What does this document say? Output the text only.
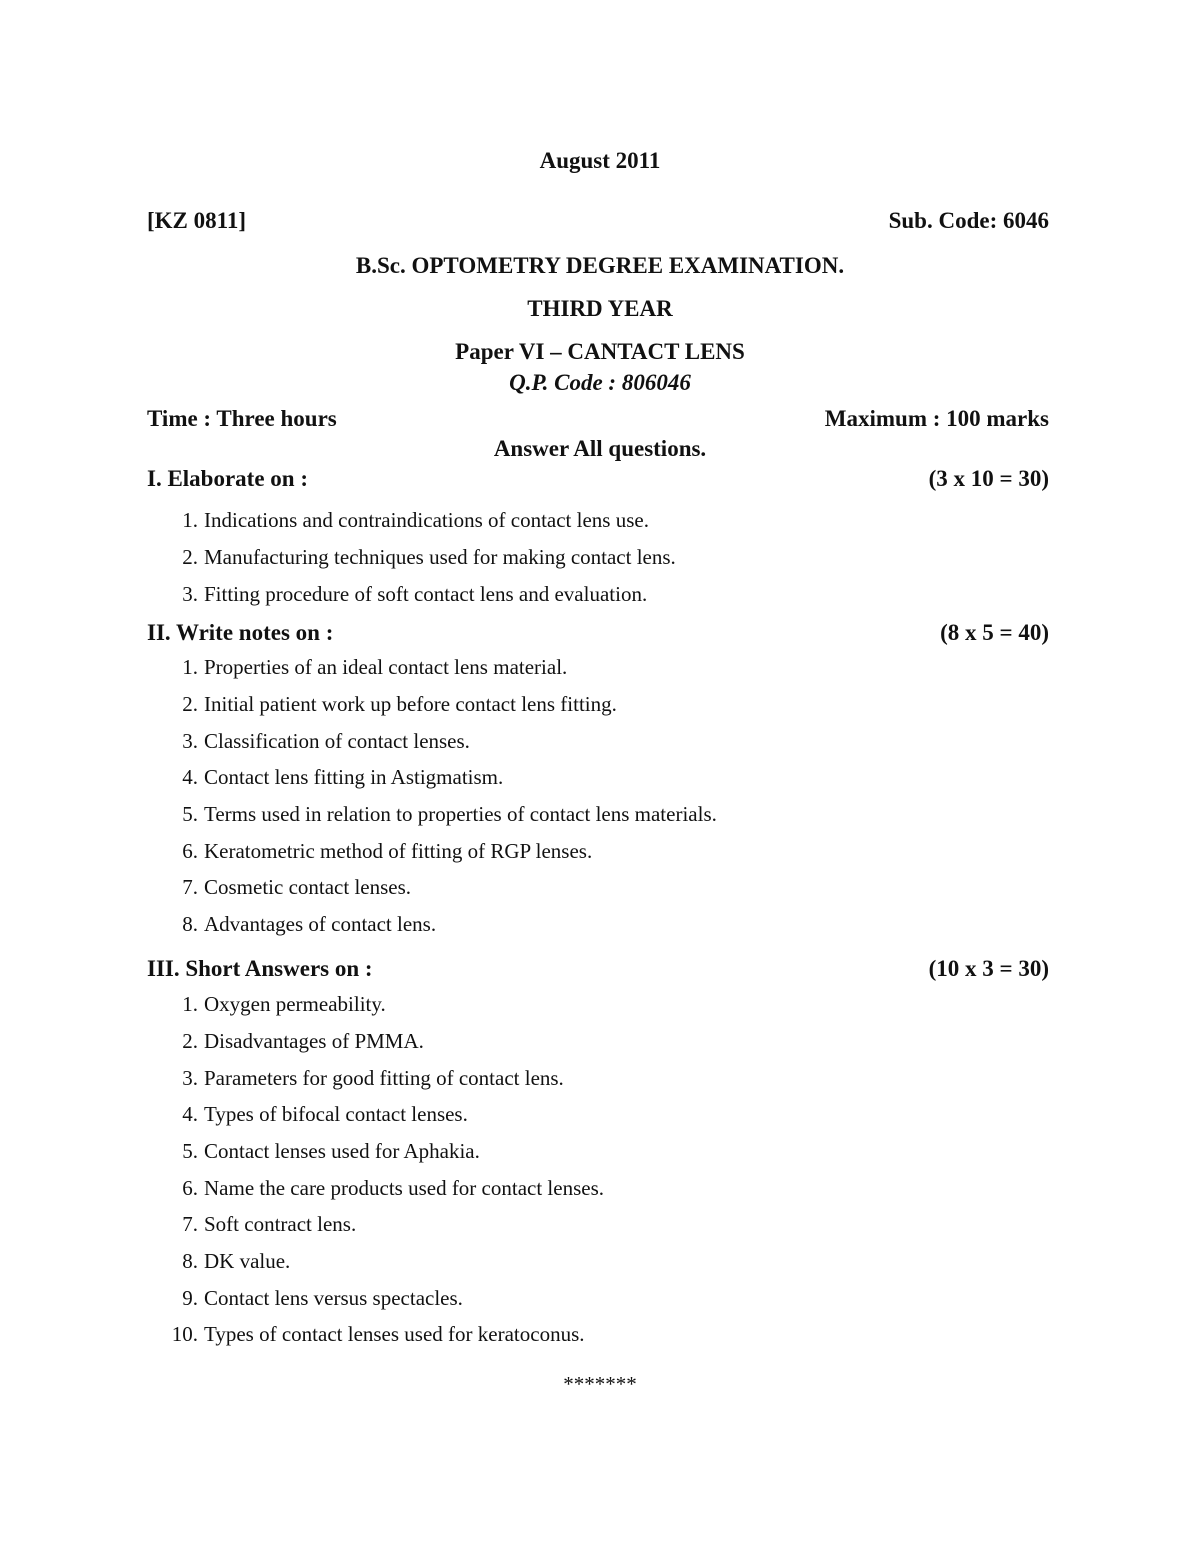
August 2011
[KZ 0811]	Sub. Code: 6046
B.Sc. OPTOMETRY DEGREE EXAMINATION.
THIRD YEAR
Paper VI – CANTACT LENS
Q.P. Code : 806046
Time : Three hours	Maximum : 100 marks
Answer All questions.
I. Elaborate on :	(3 x 10 = 30)
1. Indications and contraindications of contact lens use.
2. Manufacturing techniques used for making contact lens.
3. Fitting procedure of soft contact lens and evaluation.
II. Write notes on :	(8 x 5 = 40)
1. Properties of an ideal contact lens material.
2. Initial patient work up before contact lens fitting.
3. Classification of contact lenses.
4. Contact lens fitting in Astigmatism.
5. Terms used in relation to properties of contact lens materials.
6. Keratometric method of fitting of RGP lenses.
7. Cosmetic contact lenses.
8. Advantages of contact lens.
III. Short Answers on :	(10 x 3 = 30)
1. Oxygen permeability.
2. Disadvantages of PMMA.
3. Parameters for good fitting of contact lens.
4. Types of bifocal contact lenses.
5. Contact lenses used for Aphakia.
6. Name the care products used for contact lenses.
7. Soft contract lens.
8. DK value.
9. Contact lens versus spectacles.
10. Types of contact lenses used for keratoconus.
*******
